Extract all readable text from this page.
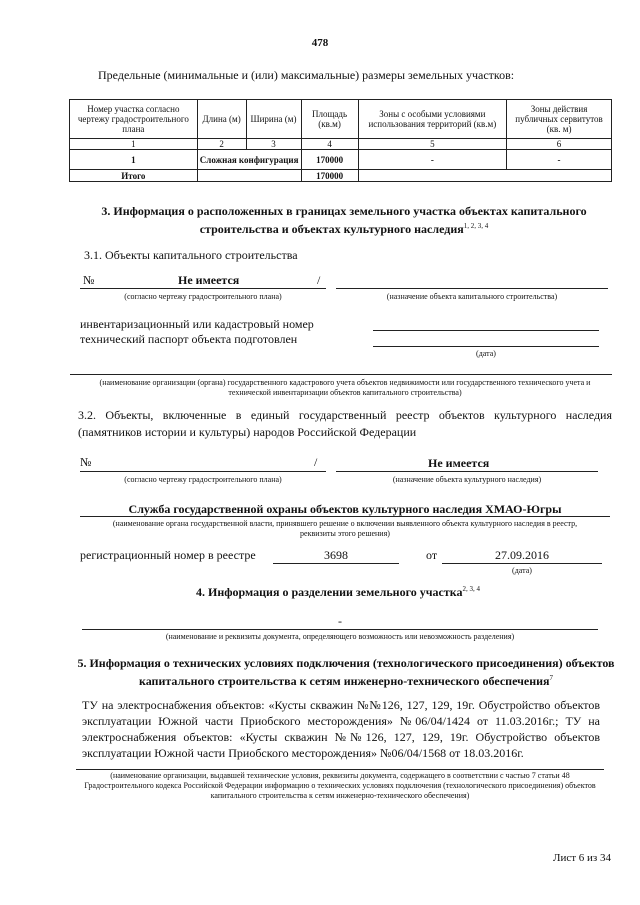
478
Предельные (минимальные и (или) максимальные) размеры земельных участков:
Номер участка согласно чертежу градостроительного плана	Длина (м)	Ширина (м)	Площадь (кв.м)	Зоны с особыми условиями использования территорий (кв.м)	Зоны действия публичных сервитутов (кв. м)
1	2	3	4	5	6
1	Сложная конфигурация		170000	-	-
Итого			170000		
3. Информация о расположенных в границах земельного участка объектах капитального строительства и объектах культурного наследия$^{1, 2, 3, 4}$
3.1. Объекты капитального строительства
№	Не имеется	/
(согласно чертежу градостроительного плана)	(назначение объекта капитального строительства)
инвентаризационный или кадастровый номер
технический паспорт объекта подготовлен
(дата)
(наименование организации (органа) государственного кадастрового учета объектов недвижимости или государственного технического учета и технической инвентаризации объектов капитального строительства)
3.2. Объекты, включенные в единый государственный реестр объектов культурного наследия
(памятников истории и культуры) народов Российской Федерации
№	/	Не имеется
(согласно чертежу градостроительного плана)	(назначение объекта культурного наследия)
Служба государственной охраны объектов культурного наследия ХМАО-Югры
(наименование органа государственной власти, принявшего решение о включении выявленного объекта культурного наследия в реестр, реквизиты этого решения)
регистрационный номер в реестре	3698	от	27.09.2016
(дата)
4. Информация о разделении земельного участка$^{2, 3, 4}$
-
(наименование и реквизиты документа, определяющего возможность или невозможность разделения)
5. Информация о технических условиях подключения (технологического присоединения) объектов капитального строительства к сетям инженерно-технического обеспечения$^7$
ТУ на электроснабжения объектов: «Кусты скважин №№126, 127, 129, 19г. Обустройство объектов эксплуатации Южной части Приобского месторождения» №06/04/1424 от 11.03.2016г.; ТУ на электроснабжения объектов: «Кусты скважин №№126, 127, 129, 19г. Обустройство объектов эксплуатации Южной части Приобского месторождения» №06/04/1568 от 18.03.2016г.
(наименование организации, выдавшей технические условия, реквизиты документа, содержащего в соответствии с частью 7 статьи 48 Градостроительного кодекса Российской Федерации информацию о технических условиях подключения (технологического присоединения) объектов капитального строительства к сетям инженерно-технического обеспечения)
Лист 6 из 34
